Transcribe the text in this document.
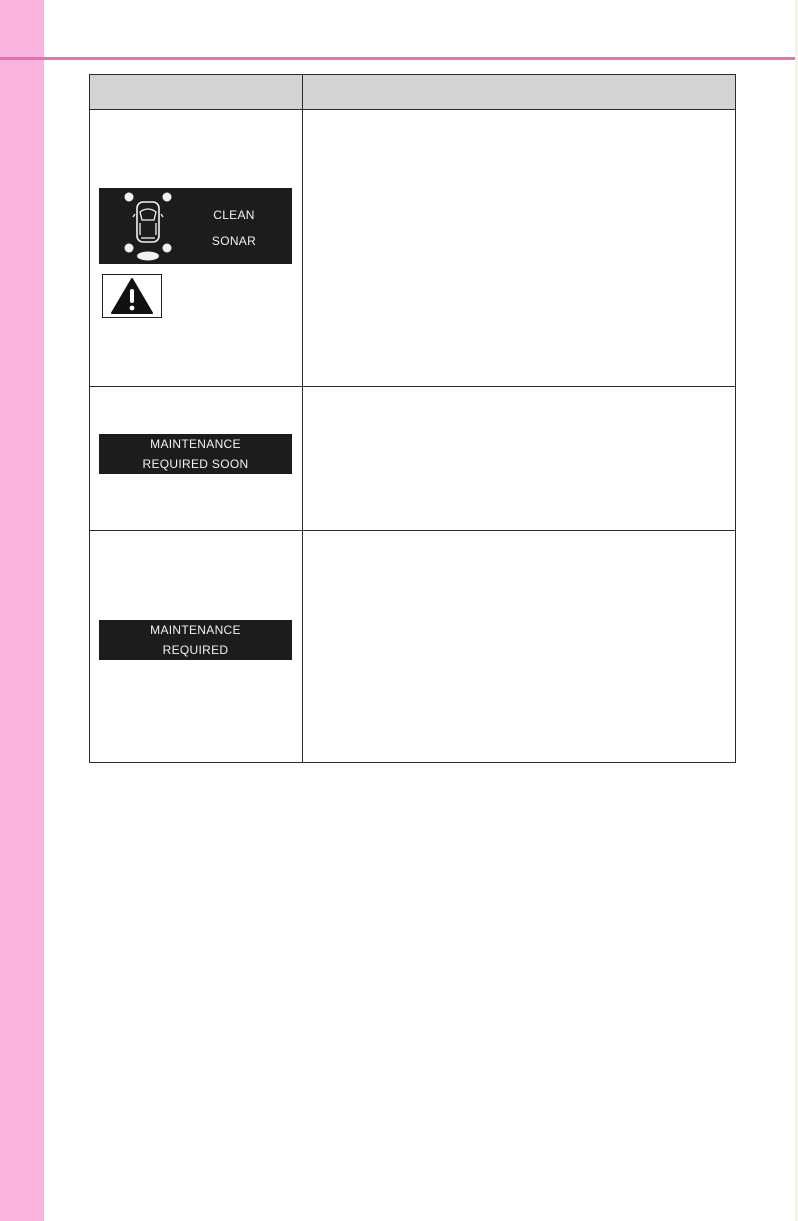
CLEAN
SONAR	

MAINTENANCE
REQUIRED SOON	

MAINTENANCE
REQUIRED	
